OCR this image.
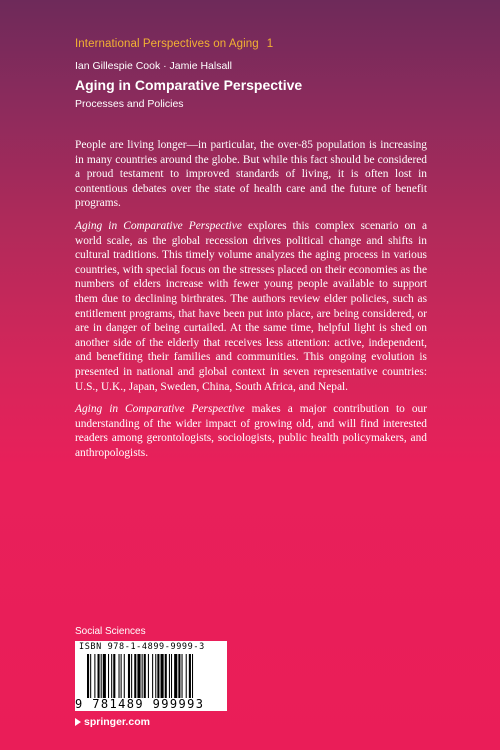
International Perspectives on Aging 1
Ian Gillespie Cook · Jamie Halsall
Aging in Comparative Perspective
Processes and Policies

People are living longer—in particular, the over-85 population is increasing in many countries around the globe. But while this fact should be considered a proud testament to improved standards of living, it is often lost in contentious debates over the state of health care and the future of benefit programs.

Aging in Comparative Perspective explores this complex scenario on a world scale, as the global recession drives political change and shifts in cultural traditions. This timely volume analyzes the aging process in various countries, with special focus on the stresses placed on their economies as the numbers of elders increase with fewer young people available to support them due to declining birthrates. The authors review elder policies, such as entitlement programs, that have been put into place, are being considered, or are in danger of being curtailed. At the same time, helpful light is shed on another side of the elderly that receives less attention: active, independent, and benefiting their families and communities. This ongoing evolution is presented in national and global context in seven representative countries: U.S., U.K., Japan, Sweden, China, South Africa, and Nepal.

Aging in Comparative Perspective makes a major contribution to our understanding of the wider impact of growing old, and will find interested readers among gerontologists, sociologists, public health policymakers, and anthropologists.

Social Sciences
ISBN 978-1-4899-9999-3
9 781489 999993
springer.com
